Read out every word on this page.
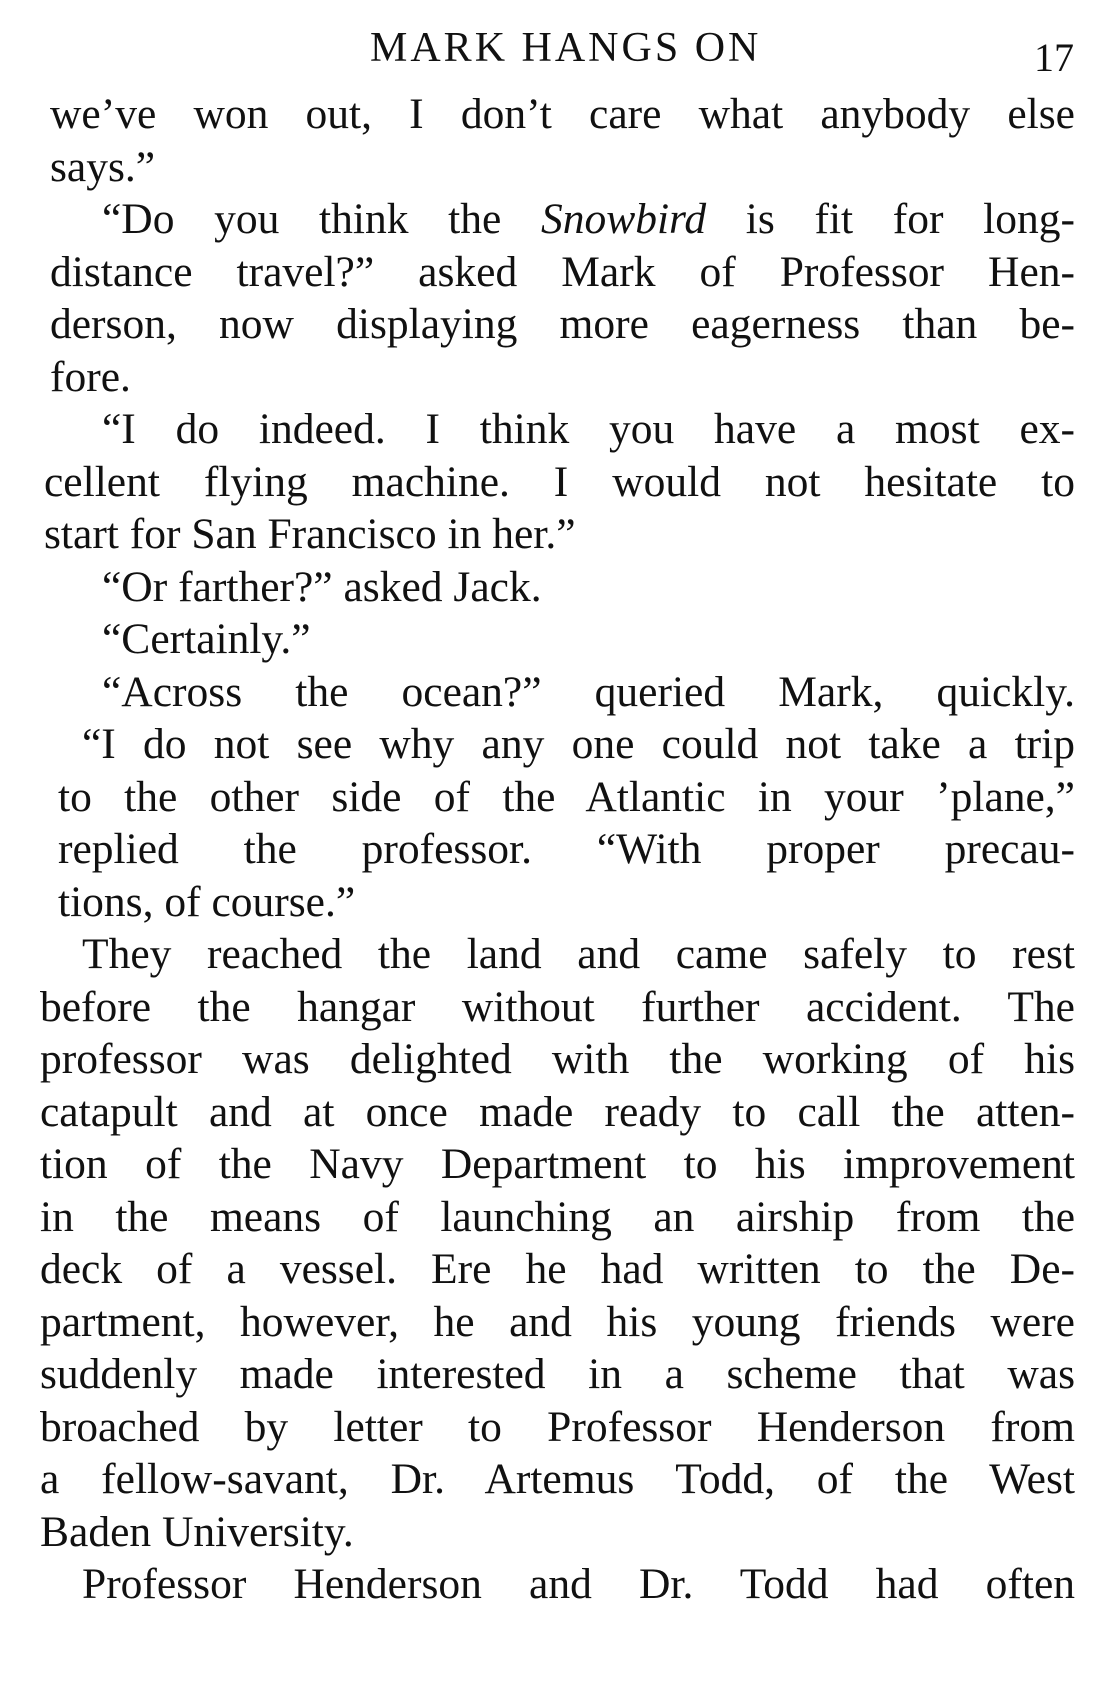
MARK HANGS ON	17
we’ve won out, I don’t care what anybody else
says.”
“Do you think the Snowbird is fit for long-
distance travel?” asked Mark of Professor Hen-
derson, now displaying more eagerness than be-
fore.
“I do indeed. I think you have a most ex-
cellent flying machine. I would not hesitate to
start for San Francisco in her.”
“Or farther?” asked Jack.
“Certainly.”
“Across the ocean?” queried Mark, quickly.
“I do not see why any one could not take a trip
to the other side of the Atlantic in your ’plane,”
replied the professor. “With proper precau-
tions, of course.”
They reached the land and came safely to rest
before the hangar without further accident. The
professor was delighted with the working of his
catapult and at once made ready to call the atten-
tion of the Navy Department to his improvement
in the means of launching an airship from the
deck of a vessel. Ere he had written to the De-
partment, however, he and his young friends were
suddenly made interested in a scheme that was
broached by letter to Professor Henderson from
a fellow-savant, Dr. Artemus Todd, of the West
Baden University.
Professor Henderson and Dr. Todd had often
